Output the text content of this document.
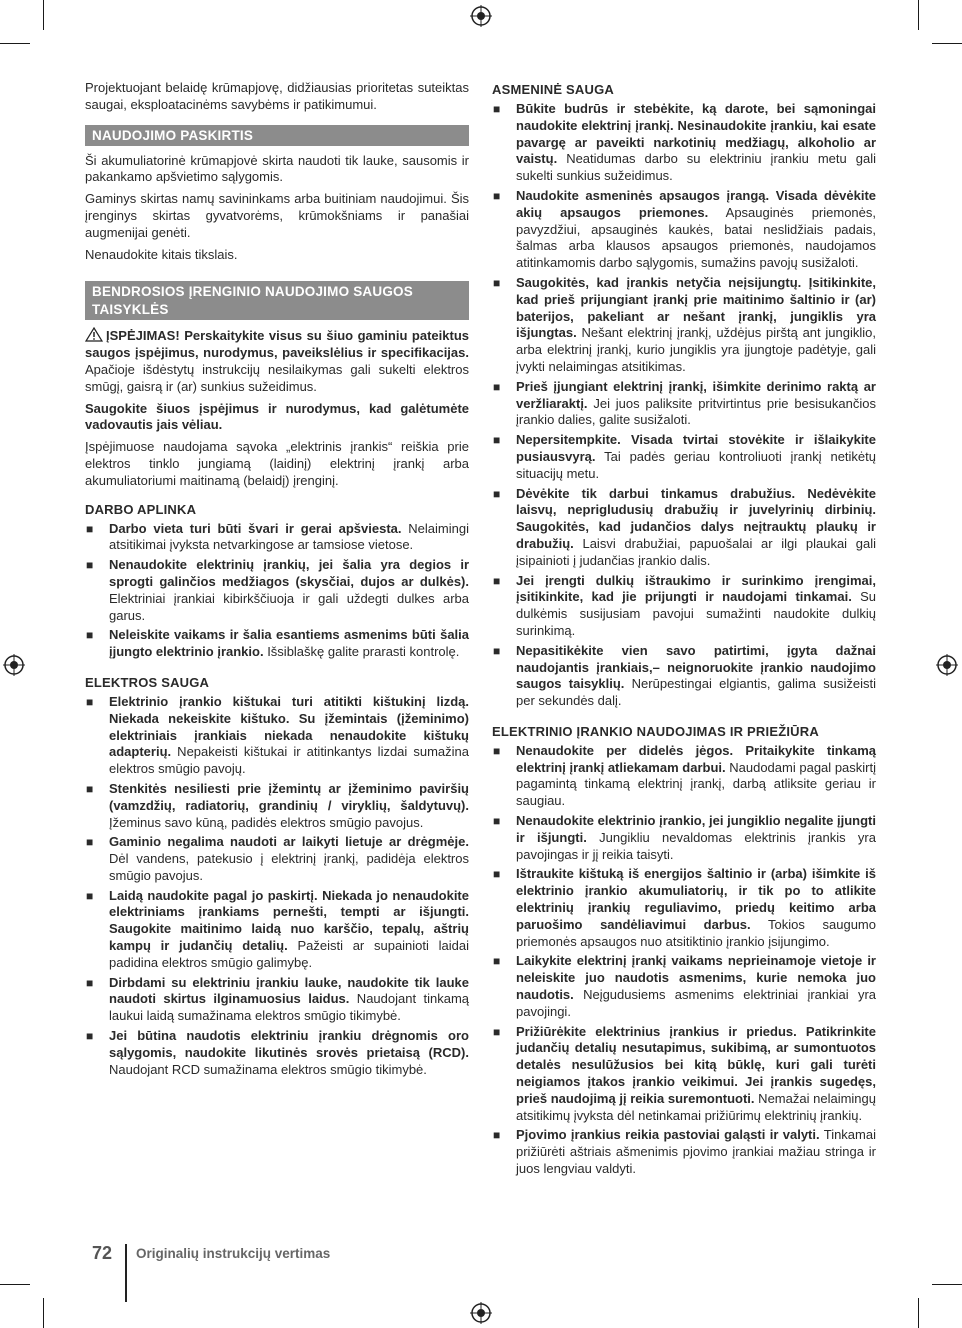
Projektuojant belaidę krūmapjovę, didžiausias prioritetas suteiktas saugai, eksploatacinėms savybėms ir patikimumui.

NAUDOJIMO PASKIRTIS

Ši akumuliatorinė krūmapjovė skirta naudoti tik lauke, sausomis ir pakankamo apšvietimo sąlygomis.

Gaminys skirtas namų savininkams arba buitiniam naudojimui. Šis įrenginys skirtas gyvatvorėms, krūmokšniams ir panašiai augmenijai genėti.

Nenaudokite kitais tikslais.

BENDROSIOS ĮRENGINIO NAUDOJIMO SAUGOS TAISYKLĖS

ĮSPĖJIMAS! Perskaitykite visus su šiuo gaminiu pateiktus saugos įspėjimus, nurodymus, paveikslėlius ir specifikacijas. Apačioje išdėstytų instrukcijų nesilaikymas gali sukelti elektros smūgį, gaisrą ir (ar) sunkius sužeidimus.

Saugokite šiuos įspėjimus ir nurodymus, kad galėtumėte vadovautis jais vėliau.

Įspėjimuose naudojama sąvoka „elektrinis įrankis“ reiškia prie elektros tinklo jungiamą (laidinį) elektrinį įrankį arba akumuliatoriumi maitinamą (belaidį) įrenginį.

DARBO APLINKA
■ Darbo vieta turi būti švari ir gerai apšviesta. Nelaimingi atsitikimai įvyksta netvarkingose ar tamsiose vietose.
■ Nenaudokite elektrinių įrankių, jei šalia yra degios ir sprogti galinčios medžiagos (skysčiai, dujos ar dulkės). Elektriniai įrankiai kibirkščiuoja ir gali uždegti dulkes arba garus.
■ Neleiskite vaikams ir šalia esantiems asmenims būti šalia įjungto elektrinio įrankio. Išsiblaškę galite prarasti kontrolę.
ELEKTROS SAUGA
■ Elektrinio įrankio kištukai turi atitikti kištukinį lizdą. Niekada nekeiskite kištuko. Su įžemintais (įžeminimo) elektriniais įrankiais niekada nenaudokite kištukų adapterių. Nepakeisti kištukai ir atitinkantys lizdai sumažina elektros smūgio pavojų.
■ Stenkitės nesiliesti prie įžemintų ar įžeminimo paviršių (vamzdžių, radiatorių, grandinių / viryklių, šaldytuvų). Įžeminus savo kūną, padidės elektros smūgio pavojus.
■ Gaminio negalima naudoti ar laikyti lietuje ar drėgmėje. Dėl vandens, patekusio į elektrinį įrankį, padidėja elektros smūgio pavojus.
■ Laidą naudokite pagal jo paskirtį. Niekada jo nenaudokite elektriniams įrankiams pernešti, tempti ar išjungti. Saugokite maitinimo laidą nuo karščio, tepalų, aštrių kampų ir judančių detalių. Pažeisti ar supainioti laidai padidina elektros smūgio galimybę.
■ Dirbdami su elektriniu įrankiu lauke, naudokite tik lauke naudoti skirtus ilginamuosius laidus. Naudojant tinkamą laukui laidą sumažinama elektros smūgio tikimybė.
■ Jei būtina naudotis elektriniu įrankiu drėgnomis oro sąlygomis, naudokite likutinės srovės prietaisą (RCD). Naudojant RCD sumažinama elektros smūgio tikimybė.
ASMENINĖ SAUGA
■ Būkite budrūs ir stebėkite, ką darote, bei sąmoningai naudokite elektrinį įrankį. Nesinaudokite įrankiu, kai esate pavargę ar paveikti narkotinių medžiagų, alkoholio ar vaistų. Neatidumas darbo su elektriniu įrankiu metu gali sukelti sunkius sužeidimus.
■ Naudokite asmeninės apsaugos įrangą. Visada dėvėkite akių apsaugos priemones. Apsauginės priemonės, pavyzdžiui, apsauginės kaukės, batai neslidžiais padais, šalmas arba klausos apsaugos priemonės, naudojamos atitinkamomis darbo sąlygomis, sumažins pavojų susižaloti.
■ Saugokitės, kad įrankis netyčia neįsijungtų. Įsitikinkite, kad prieš prijungiant įrankį prie maitinimo šaltinio ir (ar) baterijos, pakeliant ar nešant įrankį, jungiklis yra išjungtas. Nešant elektrinį įrankį, uždėjus pirštą ant jungiklio, arba elektrinį įrankį, kurio jungiklis yra įjungtoje padėtyje, gali įvykti nelaimingas atsitikimas.
■ Prieš įjungiant elektrinį įrankį, išimkite derinimo raktą ar veržliaraktį. Jei juos paliksite pritvirtintus prie besisukančios įrankio dalies, galite susižaloti.
■ Nepersitempkite. Visada tvirtai stovėkite ir išlaikykite pusiausvyrą. Tai padės geriau kontroliuoti įrankį netikėtų situacijų metu.
■ Dėvėkite tik darbui tinkamus drabužius. Nedėvėkite laisvų, neprigludusių drabužių ir juvelyrinių dirbinių. Saugokitės, kad judančios dalys neįtrauktų plaukų ir drabužių. Laisvi drabužiai, papuošalai ar ilgi plaukai gali įsipainioti į judančias įrankio dalis.
■ Jei įrengti dulkių ištraukimo ir surinkimo įrengimai, įsitikinkite, kad jie prijungti ir naudojami tinkamai. Su dulkėmis susijusiam pavojui sumažinti naudokite dulkių surinkimą.
■ Nepasitikėkite vien savo patirtimi, įgyta dažnai naudojantis įrankiais,– neignoruokite įrankio naudojimo saugos taisyklių. Nerūpestingai elgiantis, galima susižeisti per sekundės dalį.
ELEKTRINIO ĮRANKIO NAUDOJIMAS IR PRIEŽIŪRA
■ Nenaudokite per didelės jėgos. Pritaikykite tinkamą elektrinį įrankį atliekamam darbui. Naudodami pagal paskirtį pagamintą tinkamą elektrinį įrankį, darbą atliksite geriau ir saugiau.
■ Nenaudokite elektrinio įrankio, jei jungiklio negalite įjungti ir išjungti. Jungikliu nevaldomas elektrinis įrankis yra pavojingas ir jį reikia taisyti.
■ Ištraukite kištuką iš energijos šaltinio ir (arba) išimkite iš elektrinio įrankio akumuliatorių, ir tik po to atlikite elektrinių įrankių reguliavimo, priedų keitimo arba paruošimo sandėliavimui darbus. Tokios saugumo priemonės apsaugos nuo atsitiktinio įrankio įsijungimo.
■ Laikykite elektrinį įrankį vaikams neprieinamoje vietoje ir neleiskite juo naudotis asmenims, kurie nemoka juo naudotis. Neįgudusiems asmenims elektriniai įrankiai yra pavojingi.
■ Prižiūrėkite elektrinius įrankius ir priedus. Patikrinkite judančių detalių nesutapimus, sukibimą, ar sumontuotos detalės nesulūžusios bei kitą būklę, kuri gali turėti neigiamos įtakos įrankio veikimui. Jei įrankis sugedęs, prieš naudojimą jį reikia suremontuoti. Nemažai nelaimingų atsitikimų įvyksta dėl netinkamai prižiūrimų elektrinių įrankių.
■ Pjovimo įrankius reikia pastoviai galąsti ir valyti. Tinkamai prižiūrėti aštriais ašmenimis pjovimo įrankiai mažiau stringa ir juos lengviau valdyti.
72 Originalių instrukcijų vertimas
